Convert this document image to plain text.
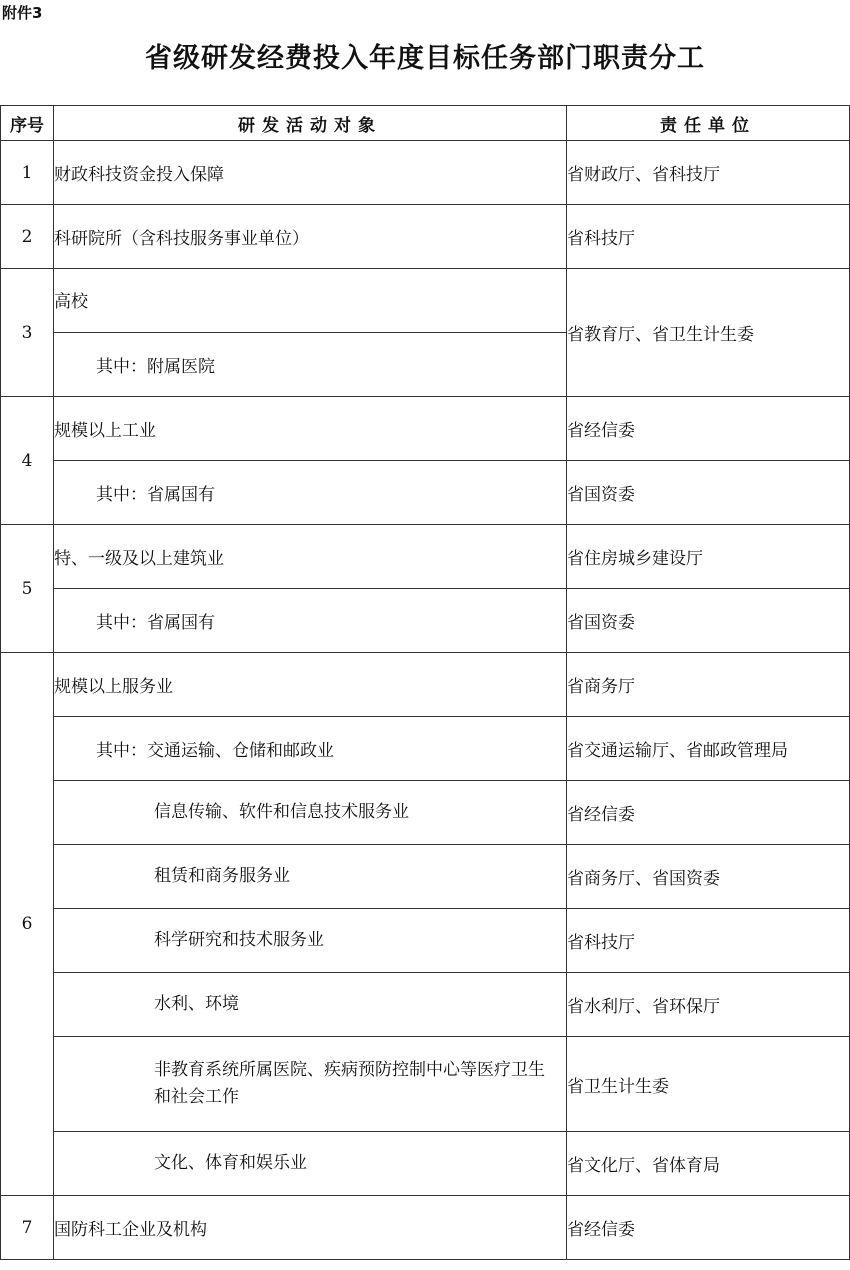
附件3
省级研发经费投入年度目标任务部门职责分工
序号	研发活动对象	责任单位
1	财政科技资金投入保障	省财政厅、省科技厅
2	科研院所（含科技服务事业单位）	省科技厅
3	高校	省教育厅、省卫生计生委
	其中：附属医院	
4	规模以上工业	省经信委
	其中：省属国有	省国资委
5	特、一级及以上建筑业	省住房城乡建设厅
	其中：省属国有	省国资委
6	规模以上服务业	省商务厅
	其中：交通运输、仓储和邮政业	省交通运输厅、省邮政管理局
	信息传输、软件和信息技术服务业	省经信委
	租赁和商务服务业	省商务厅、省国资委
	科学研究和技术服务业	省科技厅
	水利、环境	省水利厅、省环保厅
	非教育系统所属医院、疾病预防控制中心等医疗卫生和社会工作	省卫生计生委
	文化、体育和娱乐业	省文化厅、省体育局
7	国防科工企业及机构	省经信委
